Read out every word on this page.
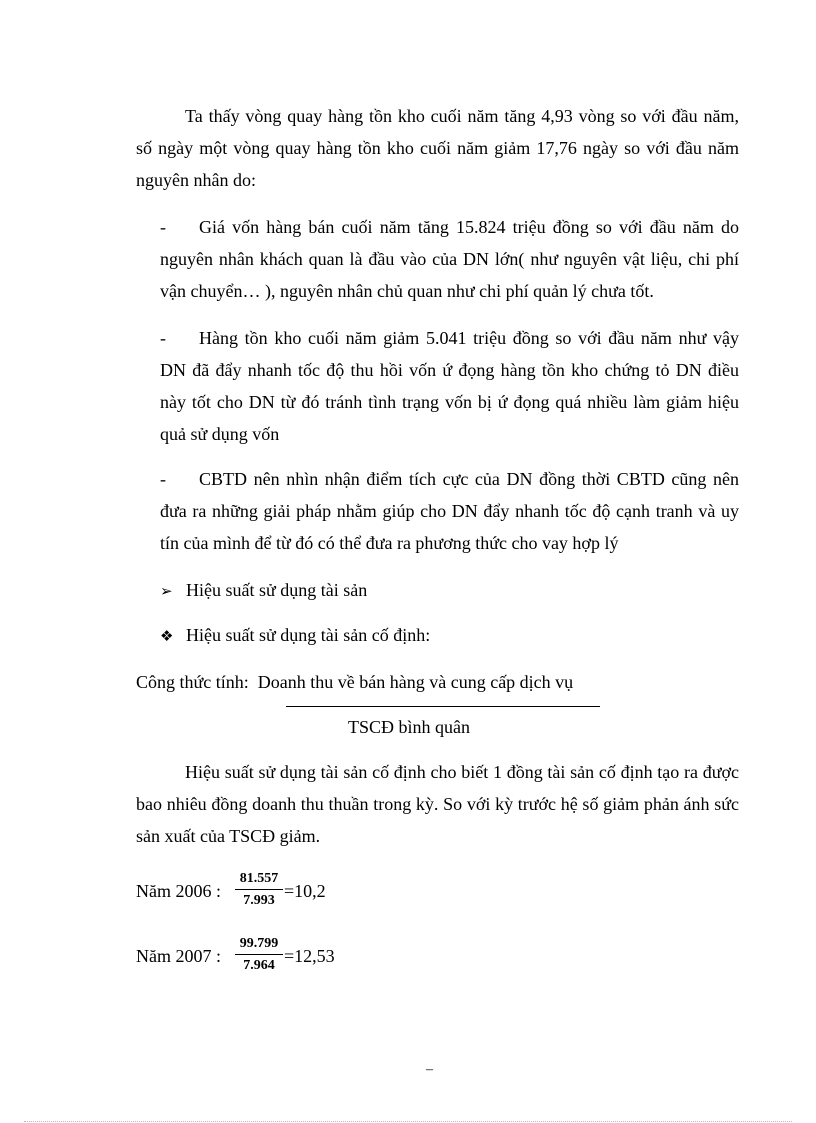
Ta thấy vòng quay hàng tồn kho cuối năm tăng 4,93 vòng so với đầu năm, số ngày một vòng quay hàng tồn kho cuối năm giảm 17,76 ngày so với đầu năm nguyên nhân do:

- Giá vốn hàng bán cuối năm tăng 15.824 triệu đồng so với đầu năm do nguyên nhân khách quan là đầu vào của DN lớn( như nguyên vật liệu, chi phí vận chuyển… ), nguyên nhân chủ quan như chi phí quản lý chưa tốt.

- Hàng tồn kho cuối năm giảm 5.041 triệu đồng so với đầu năm như vậy DN đã đẩy nhanh tốc độ thu hồi vốn ứ đọng hàng tồn kho chứng tỏ DN điều này tốt cho DN từ đó tránh tình trạng vốn bị ứ đọng quá nhiều làm giảm hiệu quả sử dụng vốn

- CBTD nên nhìn nhận điểm tích cực của DN đồng thời CBTD cũng nên đưa ra những giải pháp nhằm giúp cho DN đẩy nhanh tốc độ cạnh tranh và uy tín của mình để từ đó có thể đưa ra phương thức cho vay hợp lý

➢ Hiệu suất sử dụng tài sản
❖ Hiệu suất sử dụng tài sản cố định:
Công thức tính: Doanh thu về bán hàng và cung cấp dịch vụ
TSCĐ bình quân

Hiệu suất sử dụng tài sản cố định cho biết 1 đồng tài sản cố định tạo ra được bao nhiêu đồng doanh thu thuần trong kỳ. So với kỳ trước hệ số giảm phản ánh sức sản xuất của TSCĐ giảm.

Năm 2006 :
81.557
7.993 =10,2
Năm 2007 :
99.799
7.964 =12,53
–
